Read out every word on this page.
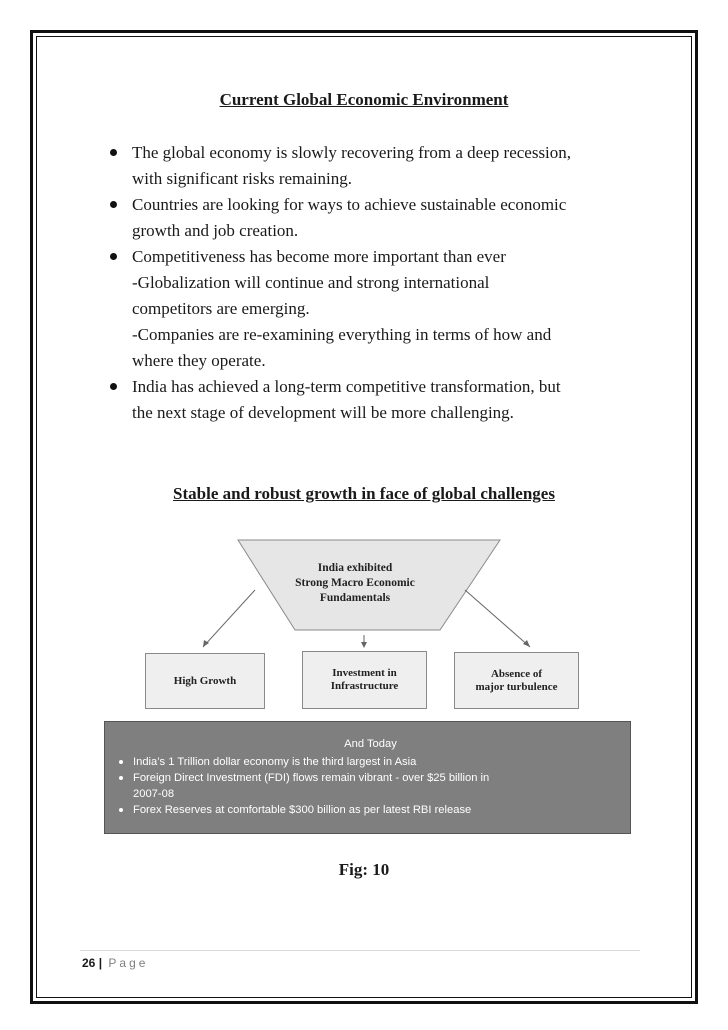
Current Global Economic Environment
The global economy is slowly recovering from a deep recession,
with significant risks remaining.
Countries are looking for ways to achieve sustainable economic
growth and job creation.
Competitiveness has become more important than ever
-Globalization will continue and strong international
competitors are emerging.
-Companies are re-examining everything in terms of how and
where they operate.
India has achieved a long-term competitive transformation, but
the next stage of development will be more challenging.
Stable and robust growth in face of global challenges
India exhibited
Strong Macro Economic
Fundamentals
High Growth
Investment in
Infrastructure
Absence of
major turbulence
And Today
India’s 1 Trillion dollar economy is the third largest in Asia
Foreign Direct Investment (FDI) flows remain vibrant - over $25 billion in
2007-08
Forex Reserves at comfortable $300 billion as per latest RBI release
Fig: 10
26 | Page
